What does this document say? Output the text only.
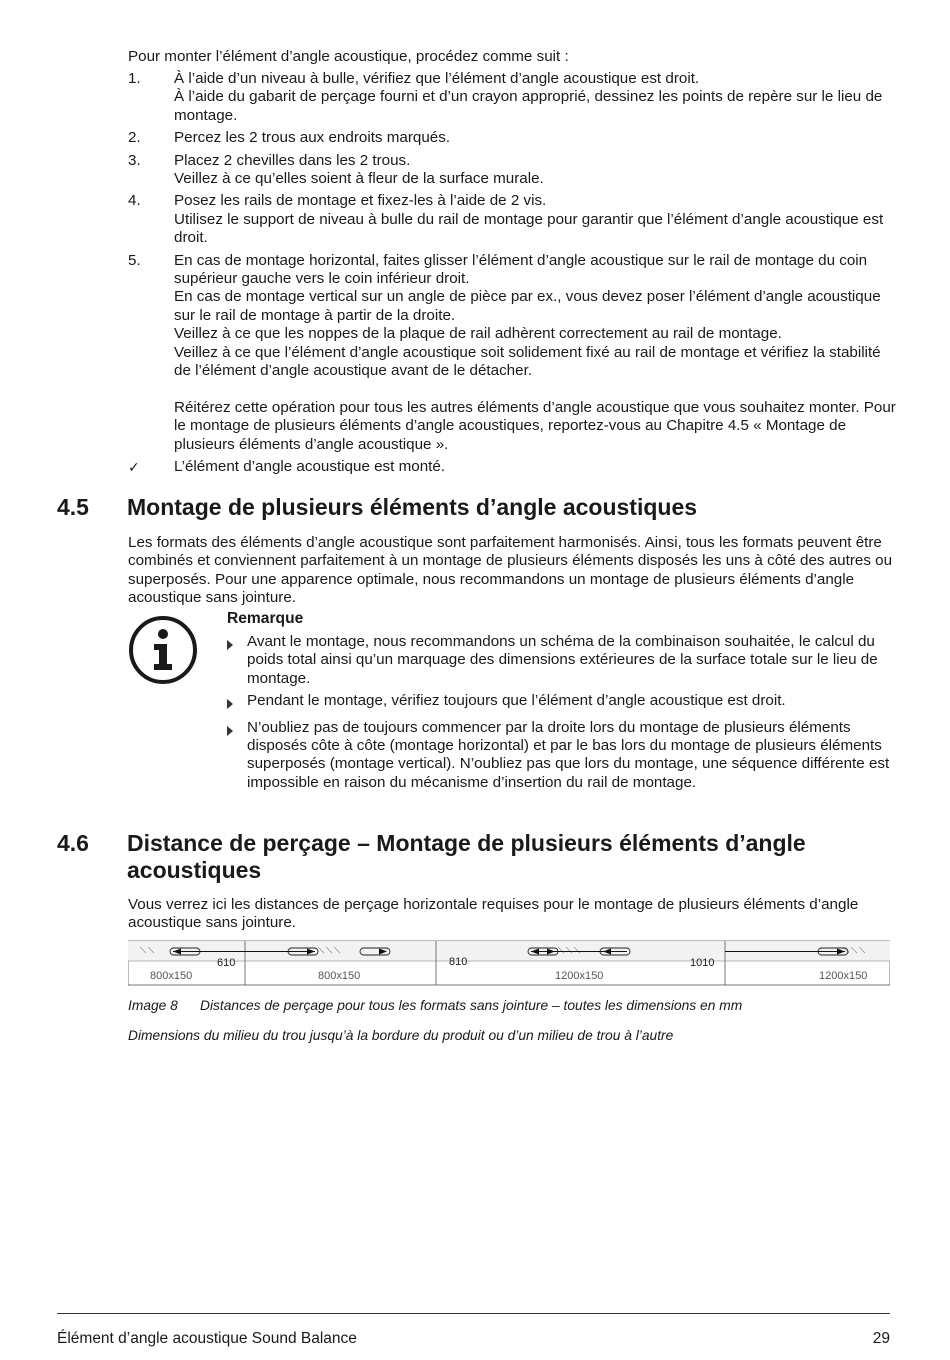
Pour monter l’élément d’angle acoustique, procédez comme suit :
1.	À l’aide d’un niveau à bulle, vérifiez que l’élément d’angle acoustique est droit.

À l’aide du gabarit de perçage fourni et d’un crayon approprié, dessinez les points de repère sur le lieu de montage.

2.	Percez les 2 trous aux endroits marqués.

3.	Placez 2 chevilles dans les 2 trous.

Veillez à ce qu’elles soient à fleur de la surface murale.

4.	Posez les rails de montage et fixez-les à l’aide de 2 vis.

Utilisez le support de niveau à bulle du rail de montage pour garantir que l’élément d’angle acoustique est droit.

5.	En cas de montage horizontal, faites glisser l’élément d’angle acoustique sur le rail de montage du coin supérieur gauche vers le coin inférieur droit.

En cas de montage vertical sur un angle de pièce par ex., vous devez poser l’élément d’angle acoustique sur le rail de montage à partir de la droite.

Veillez à ce que les noppes de la plaque de rail adhèrent correctement au rail de montage.

Veillez à ce que l’élément d’angle acoustique soit solidement fixé au rail de montage et vérifiez la stabilité de l’élément d’angle acoustique avant de le détacher.

Réitérez cette opération pour tous les autres éléments d’angle acoustique que vous souhaitez monter. Pour le montage de plusieurs éléments d’angle acoustiques, reportez-vous au Chapitre 4.5 « Montage de plusieurs éléments d’angle acoustique ».

✓	L’élément d’angle acoustique est monté.
4.5	Montage de plusieurs éléments d’angle acoustiques

Les formats des éléments d’angle acoustique sont parfaitement harmonisés. Ainsi, tous les formats peuvent être combinés et conviennent parfaitement à un montage de plusieurs éléments disposés les uns à côté des autres ou superposés. Pour une apparence optimale, nous recommandons un montage de plusieurs éléments d’angle acoustique sans jointure.

Remarque
Avant le montage, nous recommandons un schéma de la combinaison souhaitée, le calcul du poids total ainsi qu’un marquage des dimensions extérieures de la surface totale sur le lieu de montage.
Pendant le montage, vérifiez toujours que l’élément d’angle acoustique est droit.
N’oubliez pas de toujours commencer par la droite lors du montage de plusieurs éléments disposés côte à côte (montage horizontal) et par le bas lors du montage de plusieurs éléments superposés (montage vertical). N’oubliez pas que lors du montage, une séquence différente est impossible en raison du mécanisme d’insertion du rail de montage.
4.6	Distance de perçage – Montage de plusieurs éléments d’angle acoustiques

Vous verrez ici les distances de perçage horizontale requises pour le montage de plusieurs éléments d’angle acoustique sans jointure.

610	810	1010
800x150	800x150	1200x150	1200x150

Image 8 Distances de perçage pour tous les formats sans jointure – toutes les dimensions en mm

Dimensions du milieu du trou jusqu’à la bordure du produit ou d’un milieu de trou à l’autre

Élément d’angle acoustique Sound Balance	29
